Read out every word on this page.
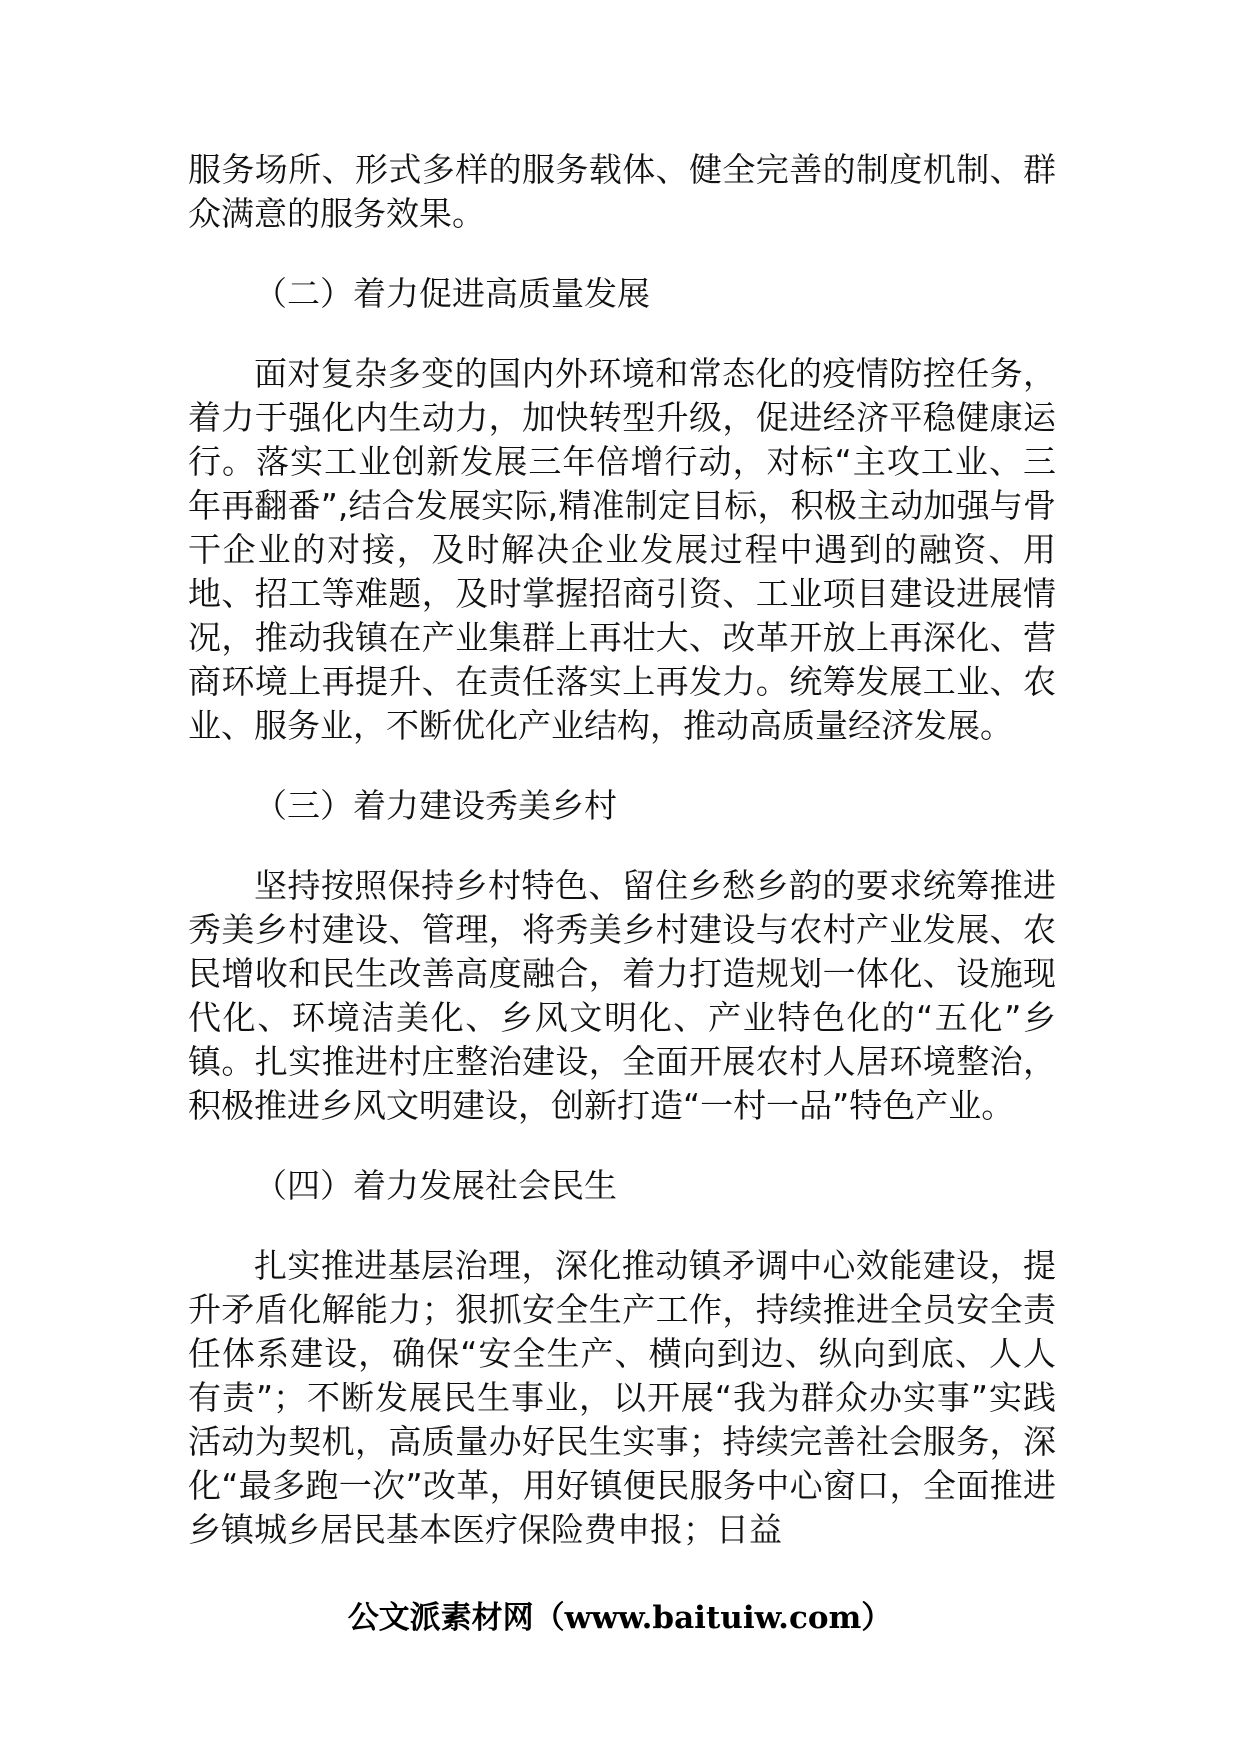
服务场所、形式多样的服务载体、健全完善的制度机制、群众满意的服务效果。

（二）着力促进高质量发展

面对复杂多变的国内外环境和常态化的疫情防控任务，着力于强化内生动力，加快转型升级，促进经济平稳健康运行。落实工业创新发展三年倍增行动，对标“主攻工业、三年再翻番”,结合发展实际,精准制定目标，积极主动加强与骨干企业的对接，及时解决企业发展过程中遇到的融资、用地、招工等难题，及时掌握招商引资、工业项目建设进展情况，推动我镇在产业集群上再壮大、改革开放上再深化、营商环境上再提升、在责任落实上再发力。统筹发展工业、农业、服务业，不断优化产业结构，推动高质量经济发展。

（三）着力建设秀美乡村

坚持按照保持乡村特色、留住乡愁乡韵的要求统筹推进秀美乡村建设、管理，将秀美乡村建设与农村产业发展、农民增收和民生改善高度融合，着力打造规划一体化、设施现代化、环境洁美化、乡风文明化、产业特色化的“五化”乡镇。扎实推进村庄整治建设，全面开展农村人居环境整治，积极推进乡风文明建设，创新打造“一村一品”特色产业。

（四）着力发展社会民生

扎实推进基层治理，深化推动镇矛调中心效能建设，提升矛盾化解能力；狠抓安全生产工作，持续推进全员安全责任体系建设，确保“安全生产、横向到边、纵向到底、人人有责”；不断发展民生事业，以开展“我为群众办实事”实践活动为契机，高质量办好民生实事；持续完善社会服务，深化“最多跑一次”改革，用好镇便民服务中心窗口，全面推进乡镇城乡居民基本医疗保险费申报；日益

公文派素材网（www.baituiw.com）
